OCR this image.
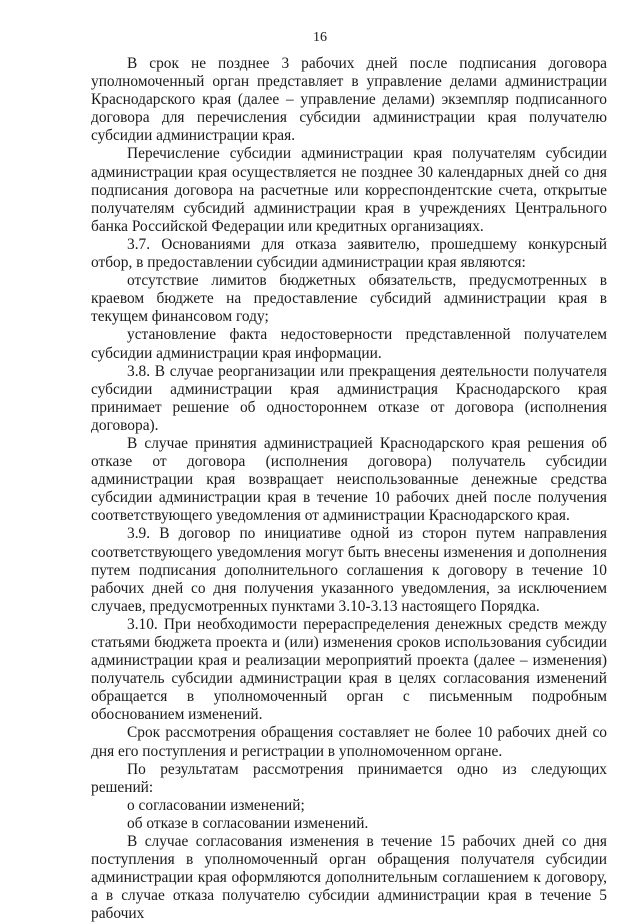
16

В срок не позднее 3 рабочих дней после подписания договора уполномоченный орган представляет в управление делами администрации Краснодарского края (далее – управление делами) экземпляр подписанного договора для перечисления субсидии администрации края получателю субсидии администрации края.

Перечисление субсидии администрации края получателям субсидии администрации края осуществляется не позднее 30 календарных дней со дня подписания договора на расчетные или корреспондентские счета, открытые получателям субсидий администрации края в учреждениях Центрального банка Российской Федерации или кредитных организациях.

3.7. Основаниями для отказа заявителю, прошедшему конкурсный отбор, в предоставлении субсидии администрации края являются:

отсутствие лимитов бюджетных обязательств, предусмотренных в краевом бюджете на предоставление субсидий администрации края в текущем финансовом году;

установление факта недостоверности представленной получателем субсидии администрации края информации.

3.8. В случае реорганизации или прекращения деятельности получателя субсидии администрации края администрация Краснодарского края принимает решение об одностороннем отказе от договора (исполнения договора).

В случае принятия администрацией Краснодарского края решения об отказе от договора (исполнения договора) получатель субсидии администрации края возвращает неиспользованные денежные средства субсидии администрации края в течение 10 рабочих дней после получения соответствующего уведомления от администрации Краснодарского края.

3.9. В договор по инициативе одной из сторон путем направления соответствующего уведомления могут быть внесены изменения и дополнения путем подписания дополнительного соглашения к договору в течение 10 рабочих дней со дня получения указанного уведомления, за исключением случаев, предусмотренных пунктами 3.10-3.13 настоящего Порядка.

3.10. При необходимости перераспределения денежных средств между статьями бюджета проекта и (или) изменения сроков использования субсидии администрации края и реализации мероприятий проекта (далее – изменения) получатель субсидии администрации края в целях согласования изменений обращается в уполномоченный орган с письменным подробным обоснованием изменений.

Срок рассмотрения обращения составляет не более 10 рабочих дней со дня его поступления и регистрации в уполномоченном органе.

По результатам рассмотрения принимается одно из следующих решений:

о согласовании изменений;

об отказе в согласовании изменений.

В случае согласования изменения в течение 15 рабочих дней со дня поступления в уполномоченный орган обращения получателя субсидии администрации края оформляются дополнительным соглашением к договору, а в случае отказа получателю субсидии администрации края в течение 5 рабочих
